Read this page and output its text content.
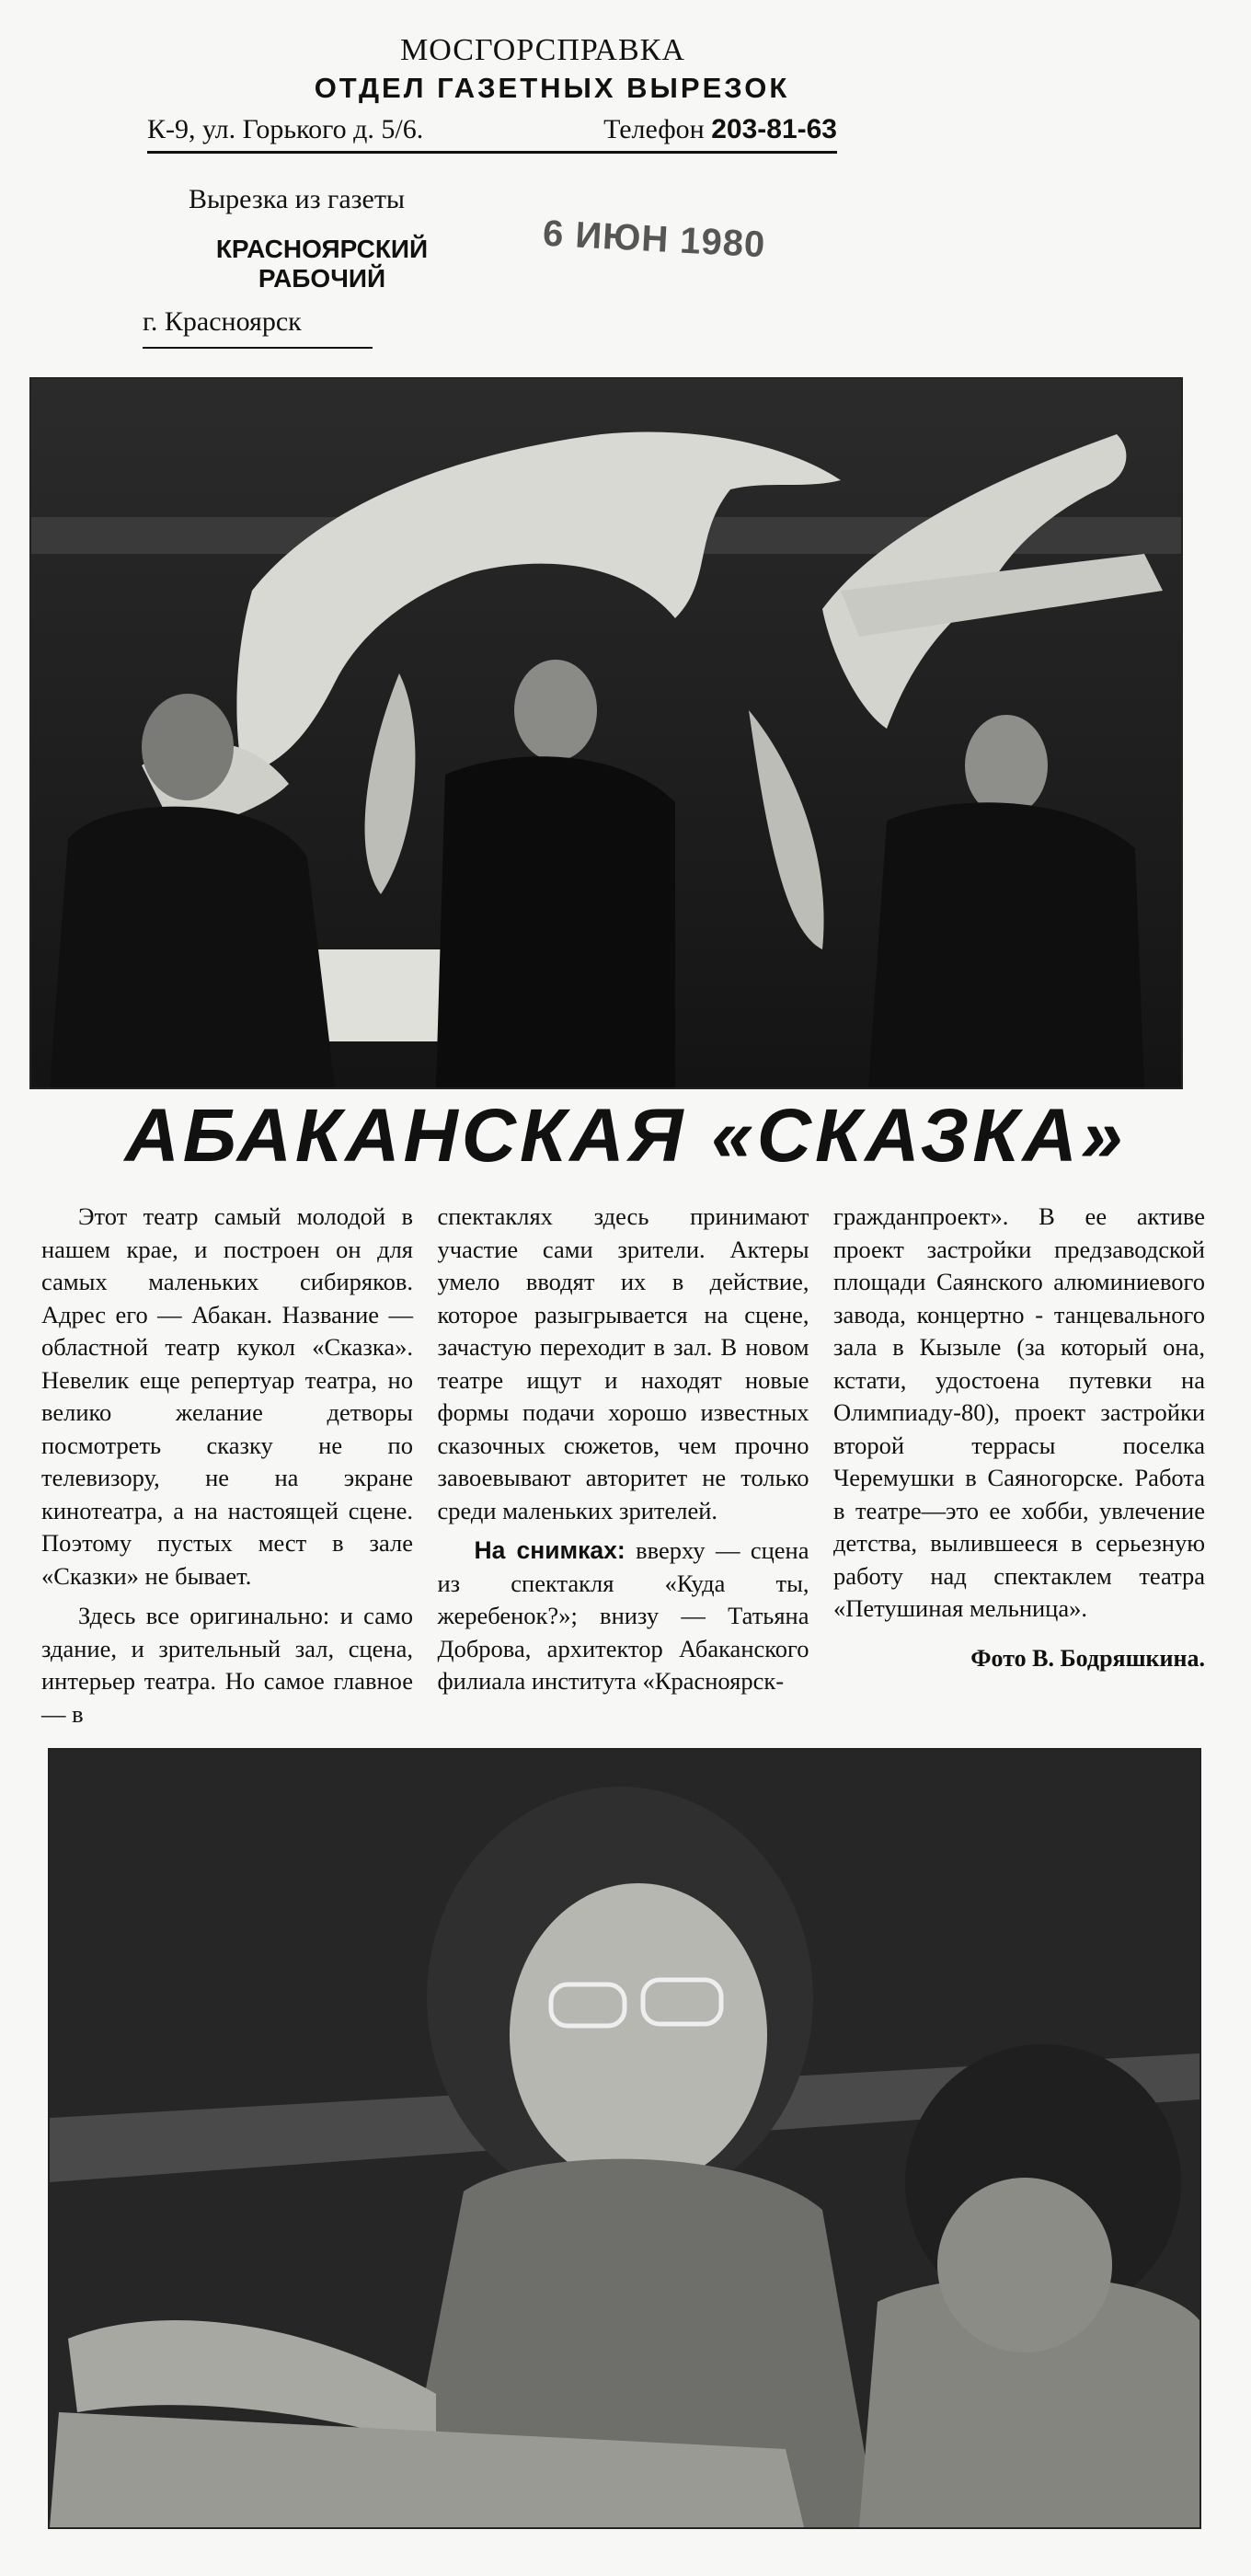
МОСГОРСПРАВКА
ОТДЕЛ ГАЗЕТНЫХ ВЫРЕЗОК
К-9, ул. Горького д. 5/6.	Телефон 203-81-63
Вырезка из газеты
КРАСНОЯРСКИЙ
РАБОЧИЙ
г. Красноярск
6 ИЮН 1980
АБАКАНСКАЯ «СКАЗКА»

Этот театр самый молодой в нашем крае, и построен он для самых маленьких сибиряков. Адрес его — Абакан. Название — областной театр кукол «Сказка». Невелик еще репертуар театра, но велико желание детворы посмотреть сказку не по телевизору, не на экране кинотеатра, а на настоящей сцене. Поэтому пустых мест в зале «Сказки» не бывает.

Здесь все оригинально: и само здание, и зрительный зал, сцена, интерьер театра. Но самое главное — в

спектаклях здесь принимают участие сами зрители. Актеры умело вводят их в действие, которое разыгрывается на сцене, зачастую переходит в зал. В новом театре ищут и находят новые формы подачи хорошо известных сказочных сюжетов, чем прочно завоевывают авторитет не только среди маленьких зрителей.

На снимках: вверху — сцена из спектакля «Куда ты, жеребенок?»; внизу — Татьяна Доброва, архитектор Абаканского филиала института «Красноярск-

гражданпроект». В ее активе проект застройки предзаводской площади Саянского алюминиевого завода, концертно - танцевального зала в Кызыле (за который она, кстати, удостоена путевки на Олимпиаду-80), проект застройки второй террасы поселка Черемушки в Саяногорске. Работа в театре—это ее хобби, увлечение детства, вылившееся в серьезную работу над спектаклем театра «Петушиная мельница».

Фото В. Бодряшкина.
